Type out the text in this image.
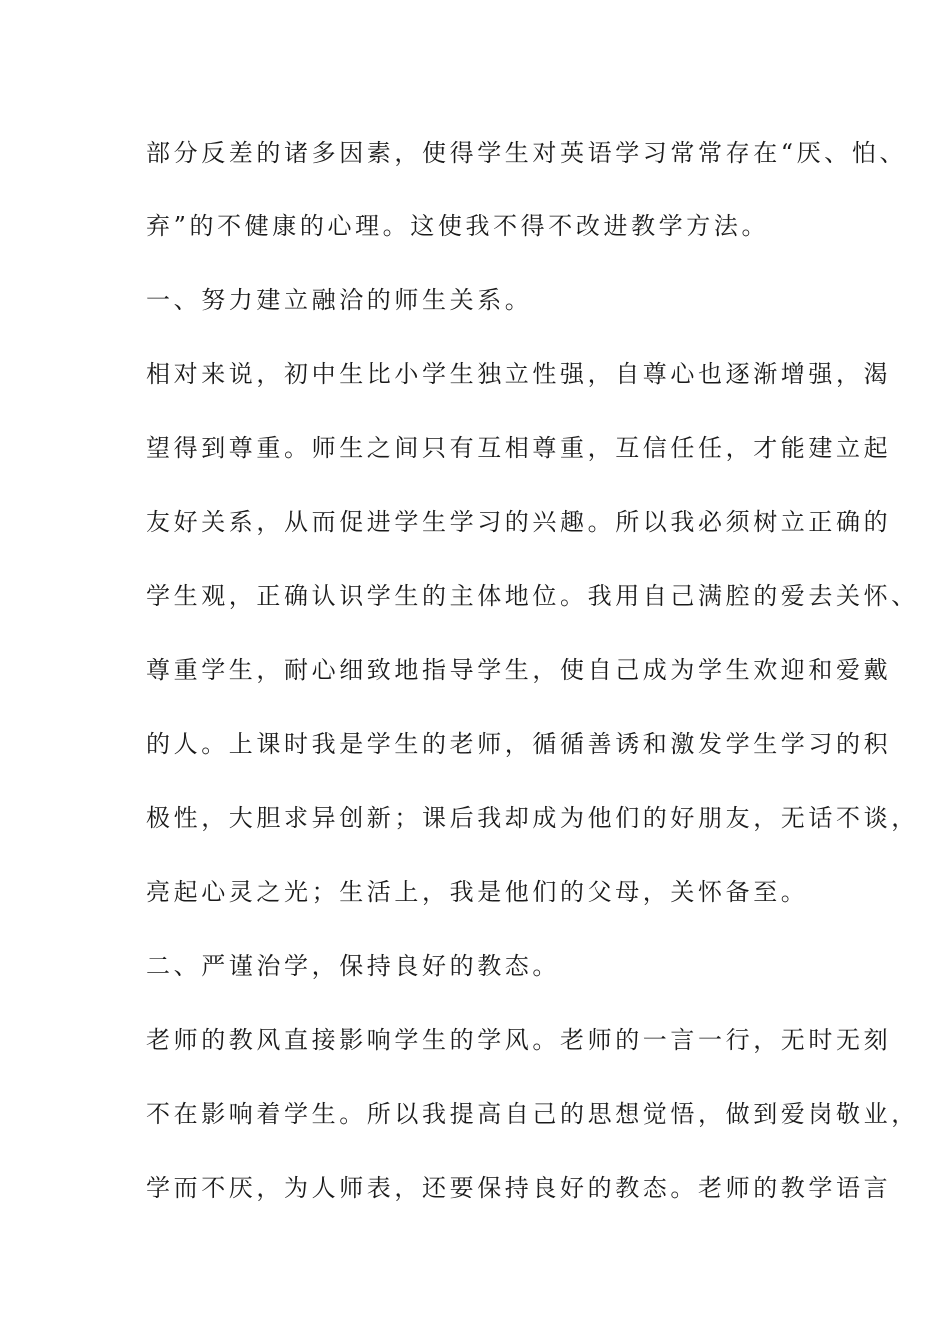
部分反差的诸多因素，使得学生对英语学习常常存在“厌、怕、
弃”的不健康的心理。这使我不得不改进教学方法。
一、努力建立融洽的师生关系。
相对来说，初中生比小学生独立性强，自尊心也逐渐增强，渴
望得到尊重。师生之间只有互相尊重，互信任任，才能建立起
友好关系，从而促进学生学习的兴趣。所以我必须树立正确的
学生观，正确认识学生的主体地位。我用自己满腔的爱去关怀、
尊重学生，耐心细致地指导学生，使自己成为学生欢迎和爱戴
的人。上课时我是学生的老师，循循善诱和激发学生学习的积
极性，大胆求异创新；课后我却成为他们的好朋友，无话不谈，
亮起心灵之光；生活上，我是他们的父母，关怀备至。
二、严谨治学，保持良好的教态。
老师的教风直接影响学生的学风。老师的一言一行，无时无刻
不在影响着学生。所以我提高自己的思想觉悟，做到爱岗敬业，
学而不厌，为人师表，还要保持良好的教态。老师的教学语言
